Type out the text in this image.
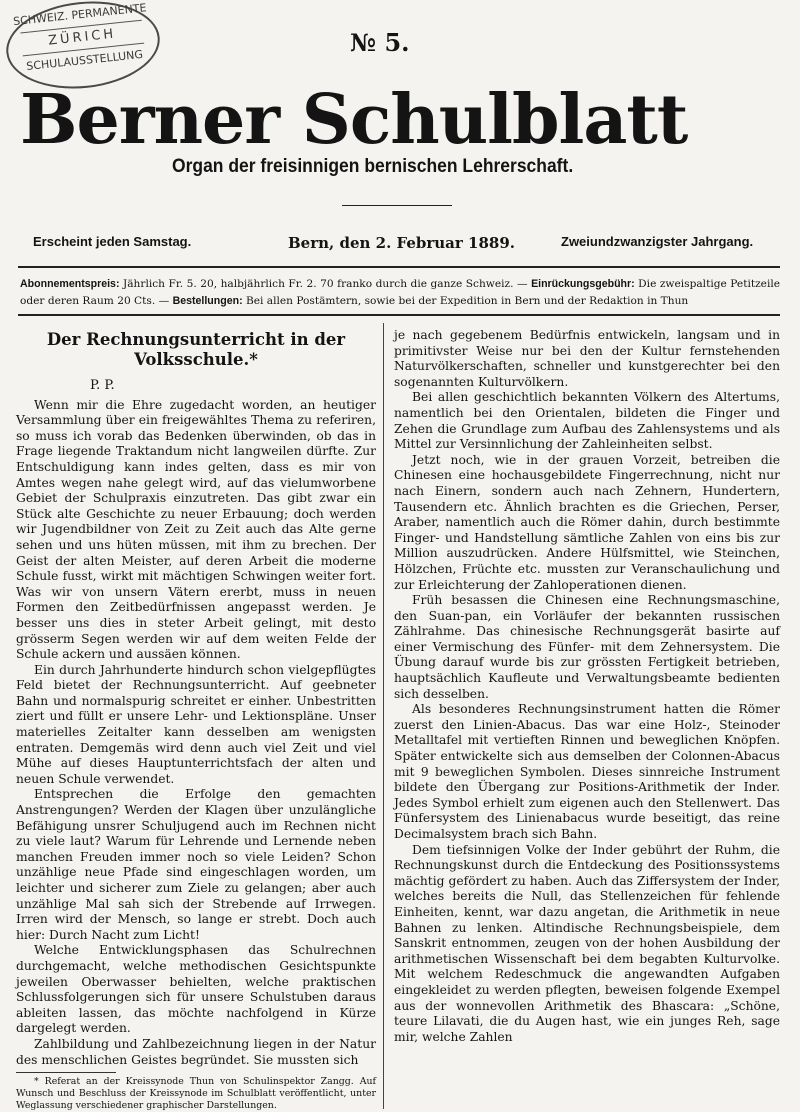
SCHWEIZ. PERMANENTE
ZÜRICH
SCHULAUSSTELLUNG
№ 5.
Berner Schulblatt
Organ der freisinnigen bernischen Lehrerschaft.
Erscheint jeden Samstag.	Bern, den 2. Februar 1889.	Zweiundzwanzigster Jahrgang.
Abonnementspreis: Jährlich Fr. 5. 20, halbjährlich Fr. 2. 70 franko durch die ganze Schweiz. — Einrückungsgebühr: Die zweispaltige Petitzeile oder deren Raum 20 Cts. — Bestellungen: Bei allen Postämtern, sowie bei der Expedition in Bern und der Redaktion in Thun
Der Rechnungsunterricht in der Volksschule.*
P. P.

Wenn mir die Ehre zugedacht worden, an heutiger Versammlung über ein freigewähltes Thema zu referiren, so muss ich vorab das Bedenken überwinden, ob das in Frage liegende Traktandum nicht langweilen dürfte. Zur Entschuldigung kann indes gelten, dass es mir von Amtes wegen nahe gelegt wird, auf das vielumworbene Gebiet der Schulpraxis einzutreten. Das gibt zwar ein Stück alte Geschichte zu neuer Erbauung; doch werden wir Jugendbildner von Zeit zu Zeit auch das Alte gerne sehen und uns hüten müssen, mit ihm zu brechen. Der Geist der alten Meister, auf deren Arbeit die moderne Schule fusst, wirkt mit mächtigen Schwingen weiter fort. Was wir von unsern Vätern ererbt, muss in neuen Formen den Zeitbedürfnissen angepasst werden. Je besser uns dies in steter Arbeit gelingt, mit desto grösserm Segen werden wir auf dem weiten Felde der Schule ackern und aussäen können.

Ein durch Jahrhunderte hindurch schon vielgepflügtes Feld bietet der Rechnungsunterricht. Auf geebneter Bahn und normalspurig schreitet er einher. Unbestritten ziert und füllt er unsere Lehr- und Lektionspläne. Unser materielles Zeitalter kann desselben am wenigsten entraten. Demgemäs wird denn auch viel Zeit und viel Mühe auf dieses Hauptunterrichtsfach der alten und neuen Schule verwendet.

Entsprechen die Erfolge den gemachten Anstrengungen? Werden der Klagen über unzulängliche Befähigung unsrer Schuljugend auch im Rechnen nicht zu viele laut? Warum für Lehrende und Lernende neben manchen Freuden immer noch so viele Leiden? Schon unzählige neue Pfade sind eingeschlagen worden, um leichter und sicherer zum Ziele zu gelangen; aber auch unzählige Mal sah sich der Strebende auf Irrwegen. Irren wird der Mensch, so lange er strebt. Doch auch hier: Durch Nacht zum Licht!

Welche Entwicklungsphasen das Schulrechnen durchgemacht, welche methodischen Gesichtspunkte jeweilen Oberwasser behielten, welche praktischen Schlussfolgerungen sich für unsere Schulstuben daraus ableiten lassen, das möchte nachfolgend in Kürze dargelegt werden.

Zahlbildung und Zahlbezeichnung liegen in der Natur des menschlichen Geistes begründet. Sie mussten sich

* Referat an der Kreissynode Thun von Schulinspektor Zangg. Auf Wunsch und Beschluss der Kreissynode im Schulblatt veröffentlicht, unter Weglassung verschiedener graphischer Darstellungen.

je nach gegebenem Bedürfnis entwickeln, langsam und in primitivster Weise nur bei den der Kultur fernstehenden Naturvölkerschaften, schneller und kunstgerechter bei den sogenannten Kulturvölkern.

Bei allen geschichtlich bekannten Völkern des Altertums, namentlich bei den Orientalen, bildeten die Finger und Zehen die Grundlage zum Aufbau des Zahlensystems und als Mittel zur Versinnlichung der Zahleinheiten selbst.

Jetzt noch, wie in der grauen Vorzeit, betreiben die Chinesen eine hochausgebildete Fingerrechnung, nicht nur nach Einern, sondern auch nach Zehnern, Hundertern, Tausendern etc. Ähnlich brachten es die Griechen, Perser, Araber, namentlich auch die Römer dahin, durch bestimmte Finger- und Handstellung sämtliche Zahlen von eins bis zur Million auszudrücken. Andere Hülfsmittel, wie Steinchen, Hölzchen, Früchte etc. mussten zur Veranschaulichung und zur Erleichterung der Zahloperationen dienen.

Früh besassen die Chinesen eine Rechnungsmaschine, den Suan-pan, ein Vorläufer der bekannten russischen Zählrahme. Das chinesische Rechnungsgerät basirte auf einer Vermischung des Fünfer- mit dem Zehnersystem. Die Übung darauf wurde bis zur grössten Fertigkeit betrieben, hauptsächlich Kaufleute und Verwaltungsbeamte bedienten sich desselben.

Als besonderes Rechnungsinstrument hatten die Römer zuerst den Linien-Abacus. Das war eine Holz-, Steinoder Metalltafel mit vertieften Rinnen und beweglichen Knöpfen. Später entwickelte sich aus demselben der Colonnen-Abacus mit 9 beweglichen Symbolen. Dieses sinnreiche Instrument bildete den Übergang zur Positions-Arithmetik der Inder. Jedes Symbol erhielt zum eigenen auch den Stellenwert. Das Fünfersystem des Linienabacus wurde beseitigt, das reine Decimalsystem brach sich Bahn.

Dem tiefsinnigen Volke der Inder gebührt der Ruhm, die Rechnungskunst durch die Entdeckung des Positionssystems mächtig gefördert zu haben. Auch das Ziffersystem der Inder, welches bereits die Null, das Stellenzeichen für fehlende Einheiten, kennt, war dazu angetan, die Arithmetik in neue Bahnen zu lenken. Altindische Rechnungsbeispiele, dem Sanskrit entnommen, zeugen von der hohen Ausbildung der arithmetischen Wissenschaft bei dem begabten Kulturvolke. Mit welchem Redeschmuck die angewandten Aufgaben eingekleidet zu werden pflegten, beweisen folgende Exempel aus der wonnevollen Arithmetik des Bhascara: „Schöne, teure Lilavati, die du Augen hast, wie ein junges Reh, sage mir, welche Zahlen
